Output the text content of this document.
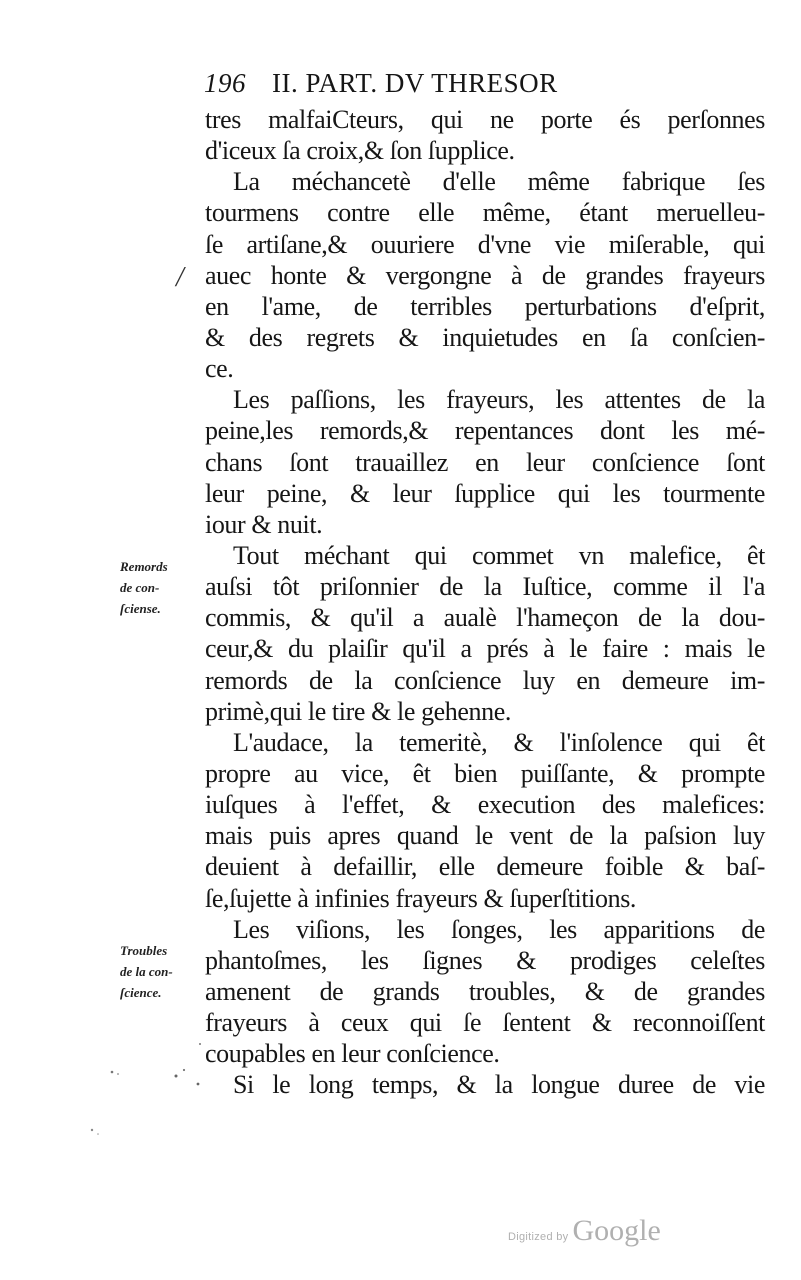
196 II. PART. DV THRESOR
/
tres malfaiCteurs, qui ne porte és perſonnes
d'iceux ſa croix,& ſon ſupplice.
La méchancetè d'elle même fabrique ſes
tourmens contre elle même, étant meruelleu-
ſe artiſane,& ouuriere d'vne vie miſerable, qui
auec honte & vergongne à de grandes frayeurs
en l'ame, de terribles perturbations d'eſprit,
& des regrets & inquietudes en ſa conſcien-
ce.
Les paſſions, les frayeurs, les attentes de la
peine,les remords,& repentances dont les mé-
chans ſont trauaillez en leur conſcience ſont
leur peine, & leur ſupplice qui les tourmente
iour & nuit.
Tout méchant qui commet vn malefice, êt
auſsi tôt priſonnier de la Iuſtice, comme il l'a
commis, & qu'il a aualè l'hameçon de la dou-
ceur,& du plaiſir qu'il a prés à le faire : mais le
remords de la conſcience luy en demeure im-
primè,qui le tire & le gehenne.
L'audace, la temeritè, & l'inſolence qui êt
propre au vice, êt bien puiſſante, & prompte
iuſques à l'effet, & execution des malefices:
mais puis apres quand le vent de la paſsion luy
deuient à defaillir, elle demeure foible & baſ-
ſe,ſujette à infinies frayeurs & ſuperſtitions.
Les viſions, les ſonges, les apparitions de
phantoſmes, les ſignes & prodiges celeſtes
amenent de grands troubles, & de grandes
frayeurs à ceux qui ſe ſentent & reconnoiſſent
coupables en leur conſcience.
Si le long temps, & la longue duree de vie
Remords
de con-
ſciense.
Troubles
de la con-
ſcience.
Digitized by Google
